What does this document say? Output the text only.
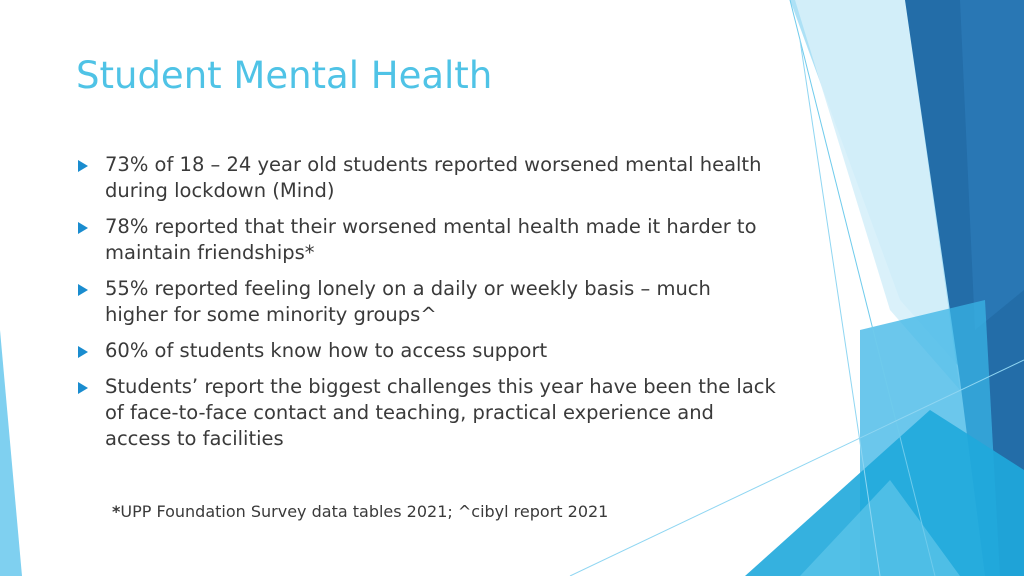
Student Mental Health
73% of 18 – 24 year old students reported worsened mental health during lockdown (Mind)
78% reported that their worsened mental health made it harder to maintain friendships*
55% reported feeling lonely on a daily or weekly basis – much higher for some minority groups^
60% of students know how to access support
Students’ report the biggest challenges this year have been the lack of face-to-face contact and teaching, practical experience and access to facilities
*UPP Foundation Survey data tables 2021; ^cibyl report 2021
